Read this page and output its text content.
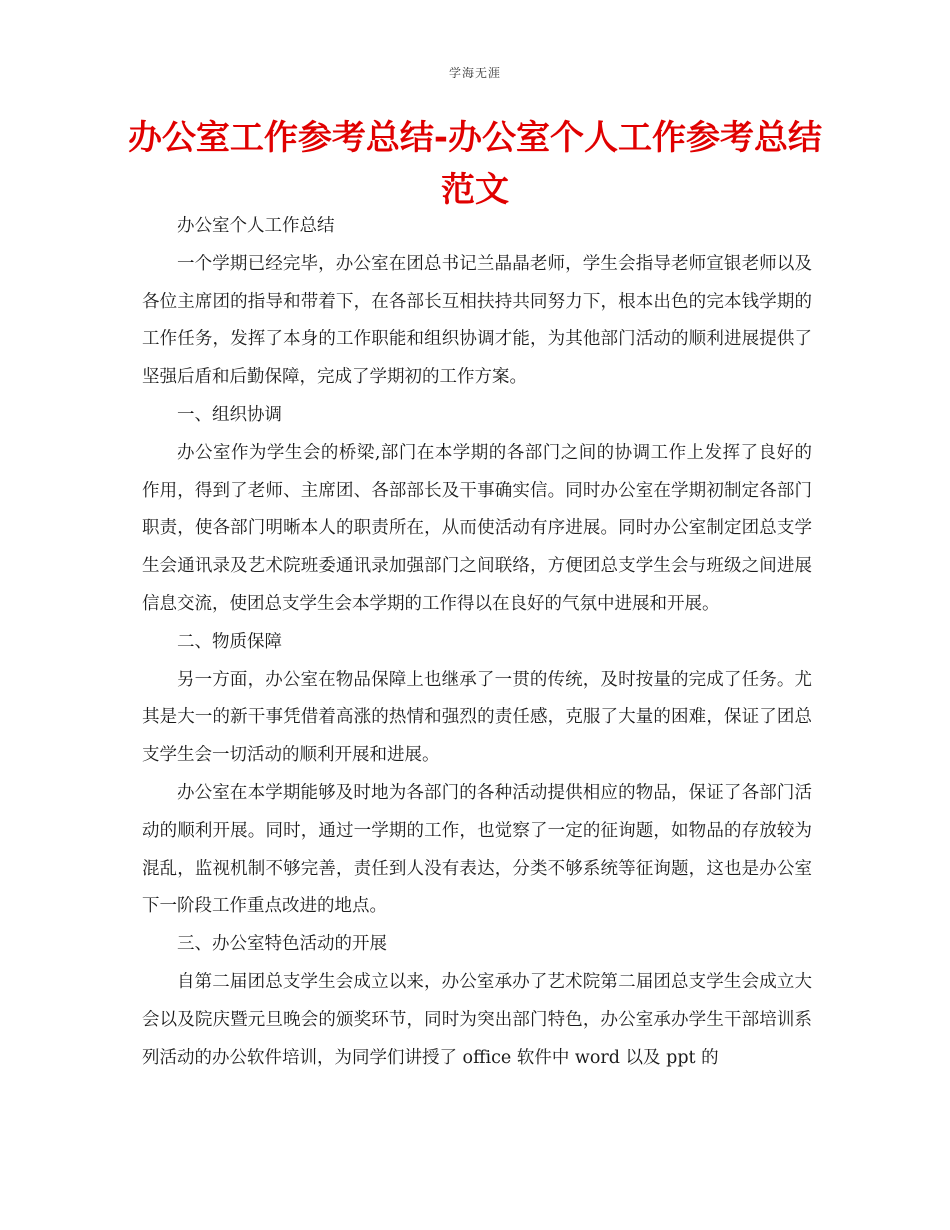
学海无涯
办公室工作参考总结-办公室个人工作参考总结范文

办公室个人工作总结

一个学期已经完毕，办公室在团总书记兰晶晶老师，学生会指导老师宣银老师以及各位主席团的指导和带着下，在各部长互相扶持共同努力下，根本出色的完本钱学期的工作任务，发挥了本身的工作职能和组织协调才能，为其他部门活动的顺利进展提供了坚强后盾和后勤保障，完成了学期初的工作方案。

一、组织协调

办公室作为学生会的桥梁,部门在本学期的各部门之间的协调工作上发挥了良好的作用，得到了老师、主席团、各部部长及干事确实信。同时办公室在学期初制定各部门职责，使各部门明晰本人的职责所在，从而使活动有序进展。同时办公室制定团总支学生会通讯录及艺术院班委通讯录加强部门之间联络，方便团总支学生会与班级之间进展信息交流，使团总支学生会本学期的工作得以在良好的气氛中进展和开展。

二、物质保障

另一方面，办公室在物品保障上也继承了一贯的传统，及时按量的完成了任务。尤其是大一的新干事凭借着高涨的热情和强烈的责任感，克服了大量的困难，保证了团总支学生会一切活动的顺利开展和进展。

办公室在本学期能够及时地为各部门的各种活动提供相应的物品，保证了各部门活动的顺利开展。同时，通过一学期的工作，也觉察了一定的征询题，如物品的存放较为混乱，监视机制不够完善，责任到人没有表达，分类不够系统等征询题，这也是办公室下一阶段工作重点改进的地点。

三、办公室特色活动的开展

自第二届团总支学生会成立以来，办公室承办了艺术院第二届团总支学生会成立大会以及院庆暨元旦晚会的颁奖环节，同时为突出部门特色，办公室承办学生干部培训系列活动的办公软件培训，为同学们讲授了 office 软件中 word 以及 ppt 的
